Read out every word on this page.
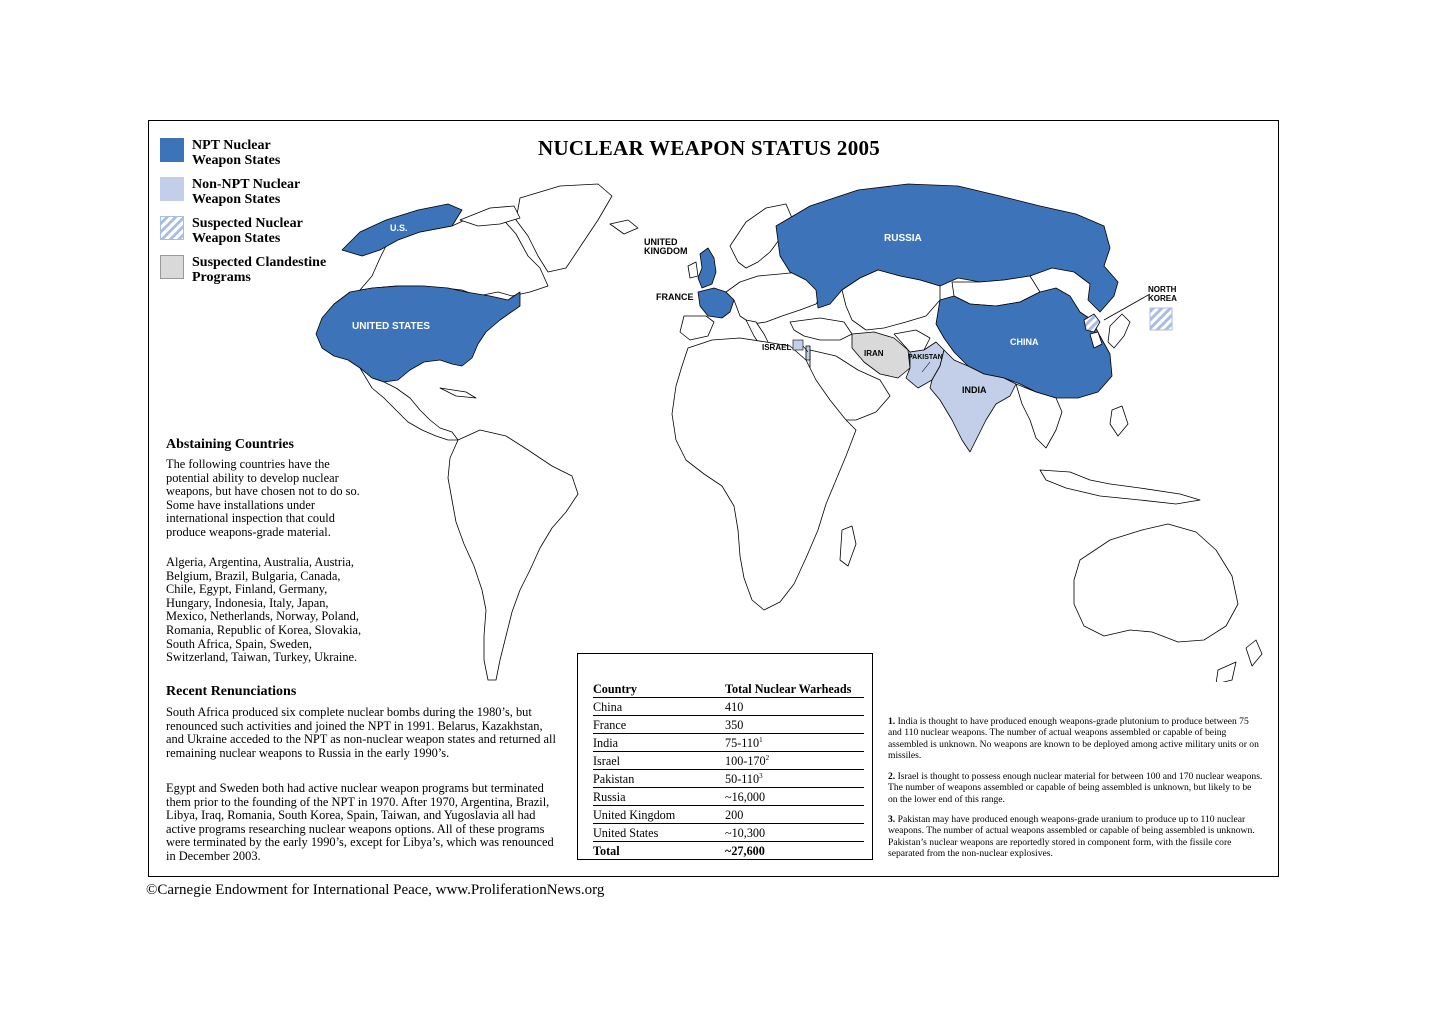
NUCLEAR WEAPON STATUS 2005
NPT Nuclear
Weapon States
Non-NPT Nuclear
Weapon States
Suspected Nuclear
Weapon States
Suspected Clandestine
Programs
U.S.
UNITED STATES
UNITED
KINGDOM
FRANCE
RUSSIA
CHINA
ISRAEL
IRAN	PAKISTAN
INDIA
NORTH
KOREA
Abstaining Countries
The following countries have the potential ability to develop nuclear weapons, but have chosen not to do so. Some have installations under international inspection that could produce weapons-grade material.
Algeria, Argentina, Australia, Austria, Belgium, Brazil, Bulgaria, Canada, Chile, Egypt, Finland, Germany, Hungary, Indonesia, Italy, Japan, Mexico, Netherlands, Norway, Poland, Romania, Republic of Korea, Slovakia, South Africa, Spain, Sweden, Switzerland, Taiwan, Turkey, Ukraine.
Recent Renunciations
South Africa produced six complete nuclear bombs during the 1980’s, but renounced such activities and joined the NPT in 1991. Belarus, Kazakhstan, and Ukraine acceded to the NPT as non-nuclear weapon states and returned all remaining nuclear weapons to Russia in the early 1990’s.
Egypt and Sweden both had active nuclear weapon programs but terminated them prior to the founding of the NPT in 1970. After 1970, Argentina, Brazil, Libya, Iraq, Romania, South Korea, Spain, Taiwan, and Yugoslavia all had active programs researching nuclear weapons options. All of these programs were terminated by the early 1990’s, except for Libya’s, which was renounced in December 2003.
Country	Total Nuclear Warheads
China	410
France	350
India	$75-110^1$
Israel	$100-170^2$
Pakistan	$50-110^3$
Russia	~16,000
United Kingdom	200
United States	~10,300
Total	~27,600
1. India is thought to have produced enough weapons-grade plutonium to produce between 75 and 110 nuclear weapons. The number of actual weapons assembled or capable of being assembled is unknown. No weapons are known to be deployed among active military units or on missiles.
2. Israel is thought to possess enough nuclear material for between 100 and 170 nuclear weapons. The number of weapons assembled or capable of being assembled is unknown, but likely to be on the lower end of this range.
3. Pakistan may have produced enough weapons-grade uranium to produce up to 110 nuclear weapons. The number of actual weapons assembled or capable of being assembled is unknown. Pakistan’s nuclear weapons are reportedly stored in component form, with the fissile core separated from the non-nuclear explosives.
©Carnegie Endowment for International Peace, www.ProliferationNews.org
